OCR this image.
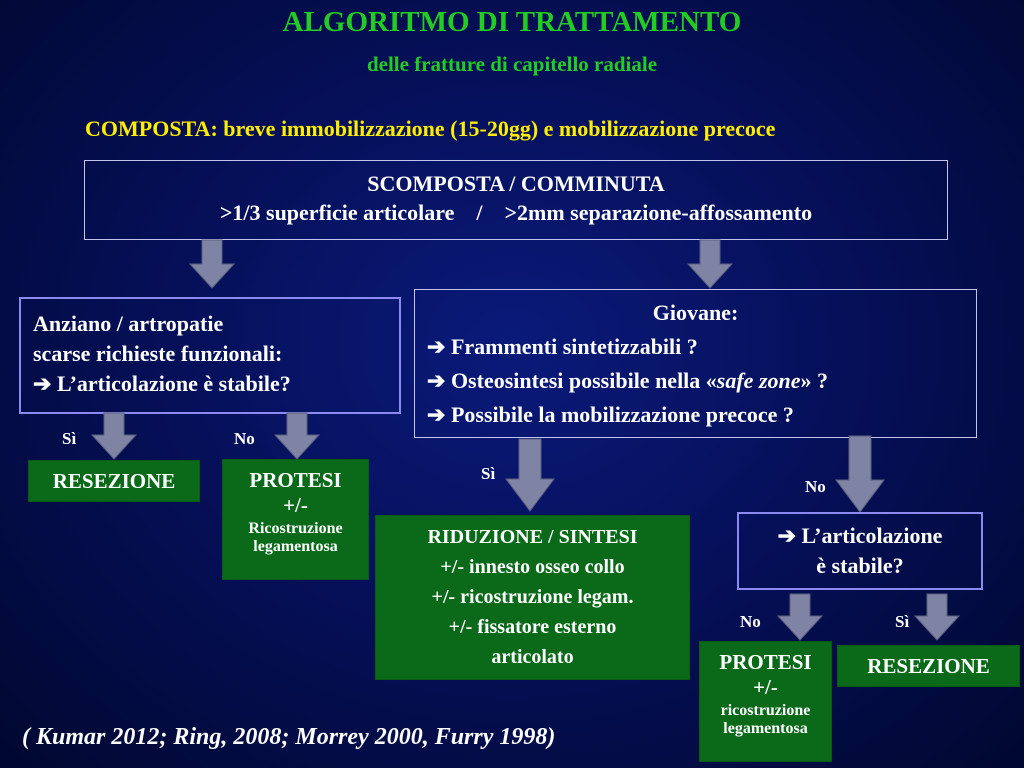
ALGORITMO DI TRATTAMENTO
delle fratture di capitello radiale
COMPOSTA: breve immobilizzazione (15-20gg) e mobilizzazione precoce
SCOMPOSTA / COMMINUTA
>1/3 superficie articolare    /    >2mm separazione-affossamento
Anziano / artropatie
scarse richieste funzionali:
➔ L’articolazione è stabile?
Giovane:
➔ Frammenti sintetizzabili ?
➔ Osteosintesi possibile nella «safe zone» ?
➔ Possibile la mobilizzazione precoce ?
Sì	No
Sì
No
No	Sì
RESEZIONE	PROTESI
+/-
Ricostruzione
legamentosa	RIDUZIONE / SINTESI
+/- innesto osseo collo
+/- ricostruzione legam.
+/- fissatore esterno
articolato
➔ L’articolazione
è stabile?
PROTESI
+/-
ricostruzione
legamentosa
RESEZIONE
( Kumar 2012; Ring, 2008; Morrey 2000, Furry 1998)
